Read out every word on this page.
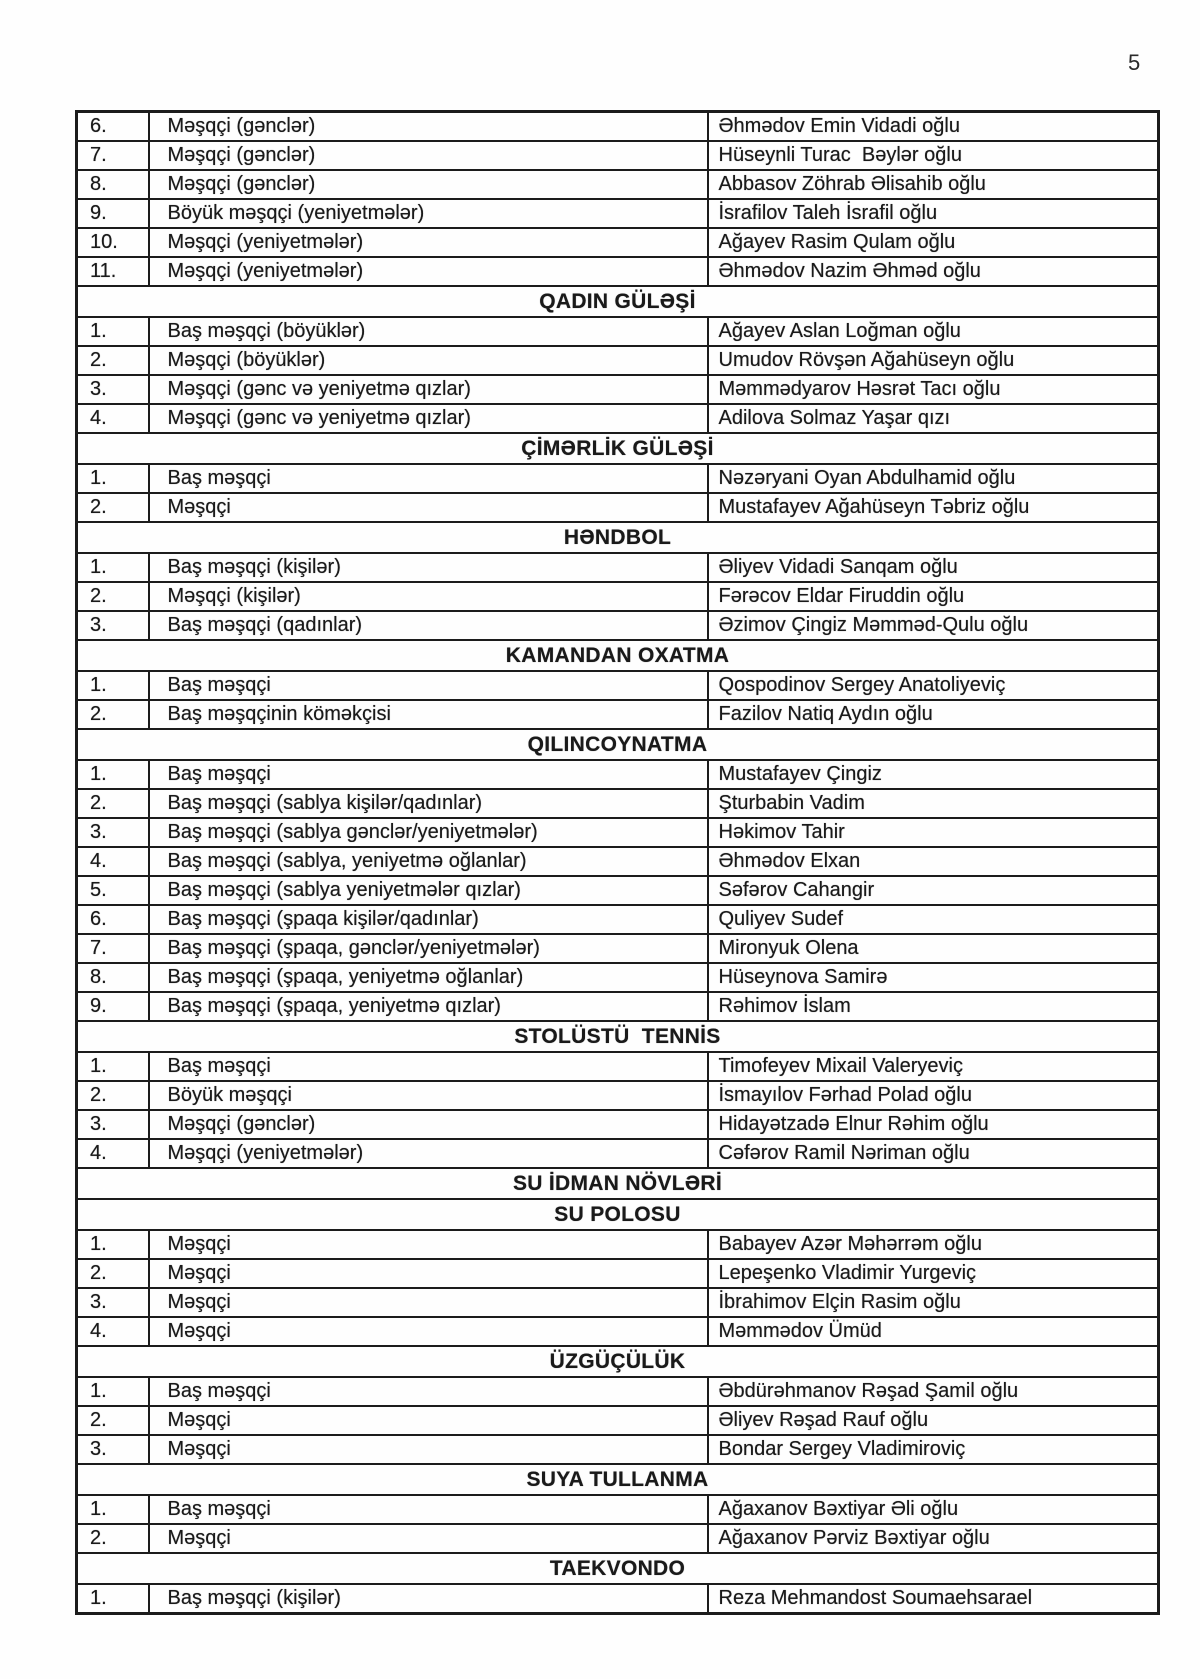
5
6.	Məşqçi (gənclər)	Əhmədov Emin Vidadi oğlu
7.	Məşqçi (gənclər)	Hüseynli Turac  Bəylər oğlu
8.	Məşqçi (gənclər)	Abbasov Zöhrab Əlisahib oğlu
9.	Böyük məşqçi (yeniyetmələr)	İsrafilov Taleh İsrafil oğlu
10.	Məşqçi (yeniyetmələr)	Ağayev Rasim Qulam oğlu
11.	Məşqçi (yeniyetmələr)	Əhmədov Nazim Əhməd oğlu
QADIN GÜLƏŞİ		
1.	Baş məşqçi (böyüklər)	Ağayev Aslan Loğman oğlu
2.	Məşqçi (böyüklər)	Umudov Rövşən Ağahüseyn oğlu
3.	Məşqçi (gənc və yeniyetmə qızlar)	Məmmədyarov Həsrət Tacı oğlu
4.	Məşqçi (gənc və yeniyetmə qızlar)	Adilova Solmaz Yaşar qızı
ÇİMƏRLİK GÜLƏŞİ		
1.	Baş məşqçi	Nəzəryani Oyan Abdulhamid oğlu
2.	Məşqçi	Mustafayev Ağahüseyn Təbriz oğlu
HƏNDBOL		
1.	Baş məşqçi (kişilər)	Əliyev Vidadi Sanqam oğlu
2.	Məşqçi (kişilər)	Fərəcov Eldar Firuddin oğlu
3.	Baş məşqçi (qadınlar)	Əzimov Çingiz Məmməd-Qulu oğlu
KAMANDAN OXATMA		
1.	Baş məşqçi	Qospodinov Sergey Anatoliyeviç
2.	Baş məşqçinin köməkçisi	Fazilov Natiq Aydın oğlu
QILINCOYNATMA		
1.	Baş məşqçi	Mustafayev Çingiz
2.	Baş məşqçi (sablya kişilər/qadınlar)	Şturbabin Vadim
3.	Baş məşqçi (sablya gənclər/yeniyetmələr)	Həkimov Tahir
4.	Baş məşqçi (sablya, yeniyetmə oğlanlar)	Əhmədov Elxan
5.	Baş məşqçi (sablya yeniyetmələr qızlar)	Səfərov Cahangir
6.	Baş məşqçi (şpaqa kişilər/qadınlar)	Quliyev Sudef
7.	Baş məşqçi (şpaqa, gənclər/yeniyetmələr)	Mironyuk Olena
8.	Baş məşqçi (şpaqa, yeniyetmə oğlanlar)	Hüseynova Samirə
9.	Baş məşqçi (şpaqa, yeniyetmə qızlar)	Rəhimov İslam
STOLÜSTÜ  TENNİS		
1.	Baş məşqçi	Timofeyev Mixail Valeryeviç
2.	Böyük məşqçi	İsmayılov Fərhad Polad oğlu
3.	Məşqçi (gənclər)	Hidayətzadə Elnur Rəhim oğlu
4.	Məşqçi (yeniyetmələr)	Cəfərov Ramil Nəriman oğlu
SU İDMAN NÖVLƏRİ		
SU POLOSU		
1.	Məşqçi	Babayev Azər Məhərrəm oğlu
2.	Məşqçi	Lepeşenko Vladimir Yurgeviç
3.	Məşqçi	İbrahimov Elçin Rasim oğlu
4.	Məşqçi	Məmmədov Ümüd
ÜZGÜÇÜLÜK		
1.	Baş məşqçi	Əbdürəhmanov Rəşad Şamil oğlu
2.	Məşqçi	Əliyev Rəşad Rauf oğlu
3.	Məşqçi	Bondar Sergey Vladimiroviç
SUYA TULLANMA		
1.	Baş məşqçi	Ağaxanov Bəxtiyar Əli oğlu
2.	Məşqçi	Ağaxanov Pərviz Bəxtiyar oğlu
TAEKVONDO		
1.	Baş məşqçi (kişilər)	Reza Mehmandost Soumaehsarael
